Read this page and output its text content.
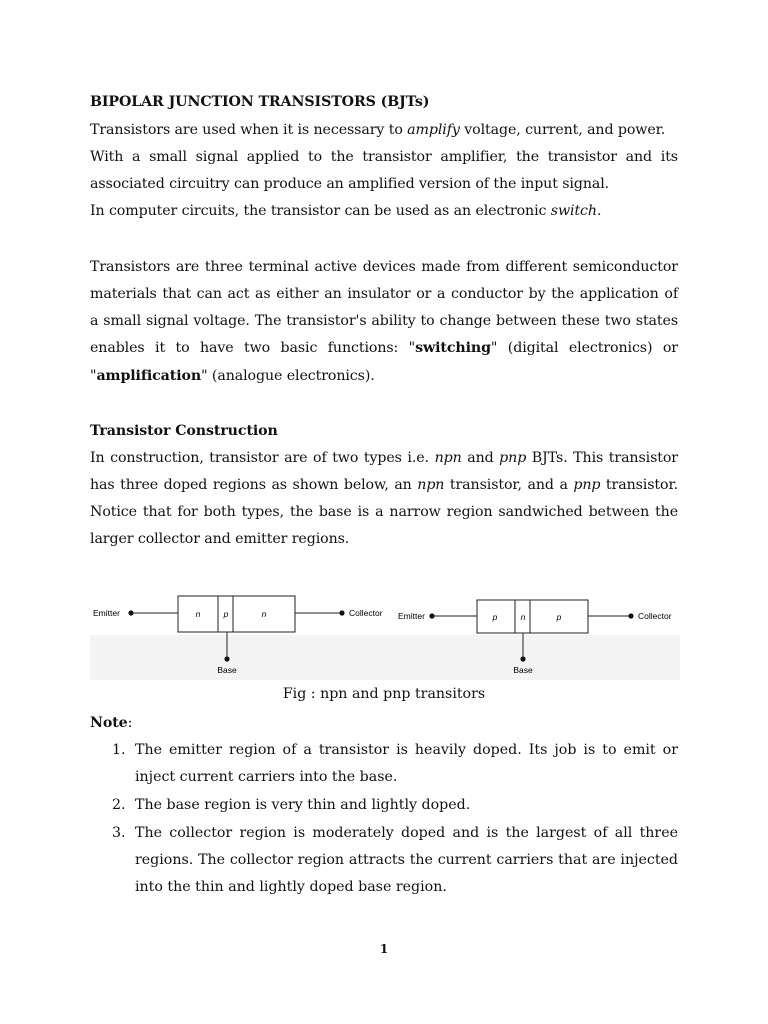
BIPOLAR JUNCTION TRANSISTORS (BJTs)
Transistors are used when it is necessary to amplify voltage, current, and power.
With a small signal applied to the transistor amplifier, the transistor and its
associated circuitry can produce an amplified version of the input signal.
In computer circuits, the transistor can be used as an electronic switch.
Transistors are three terminal active devices made from different semiconductor
materials that can act as either an insulator or a conductor by the application of
a small signal voltage. The transistor's ability to change between these two states
enables it to have two basic functions: "switching" (digital electronics) or
"amplification" (analogue electronics).
Transistor Construction
In construction, transistor are of two types i.e. npn and pnp BJTs. This transistor
has three doped regions as shown below, an npn transistor, and a pnp transistor.
Notice that for both types, the base is a narrow region sandwiched between the
larger collector and emitter regions.
Emitter	n	p	n	Collector
Base
Emitter	p	n	p	Collector
Base
Fig : npn and pnp transitors
Note:
1. The emitter region of a transistor is heavily doped. Its job is to emit or
inject current carriers into the base.
2. The base region is very thin and lightly doped.
3. The collector region is moderately doped and is the largest of all three
regions. The collector region attracts the current carriers that are injected
into the thin and lightly doped base region.
1
